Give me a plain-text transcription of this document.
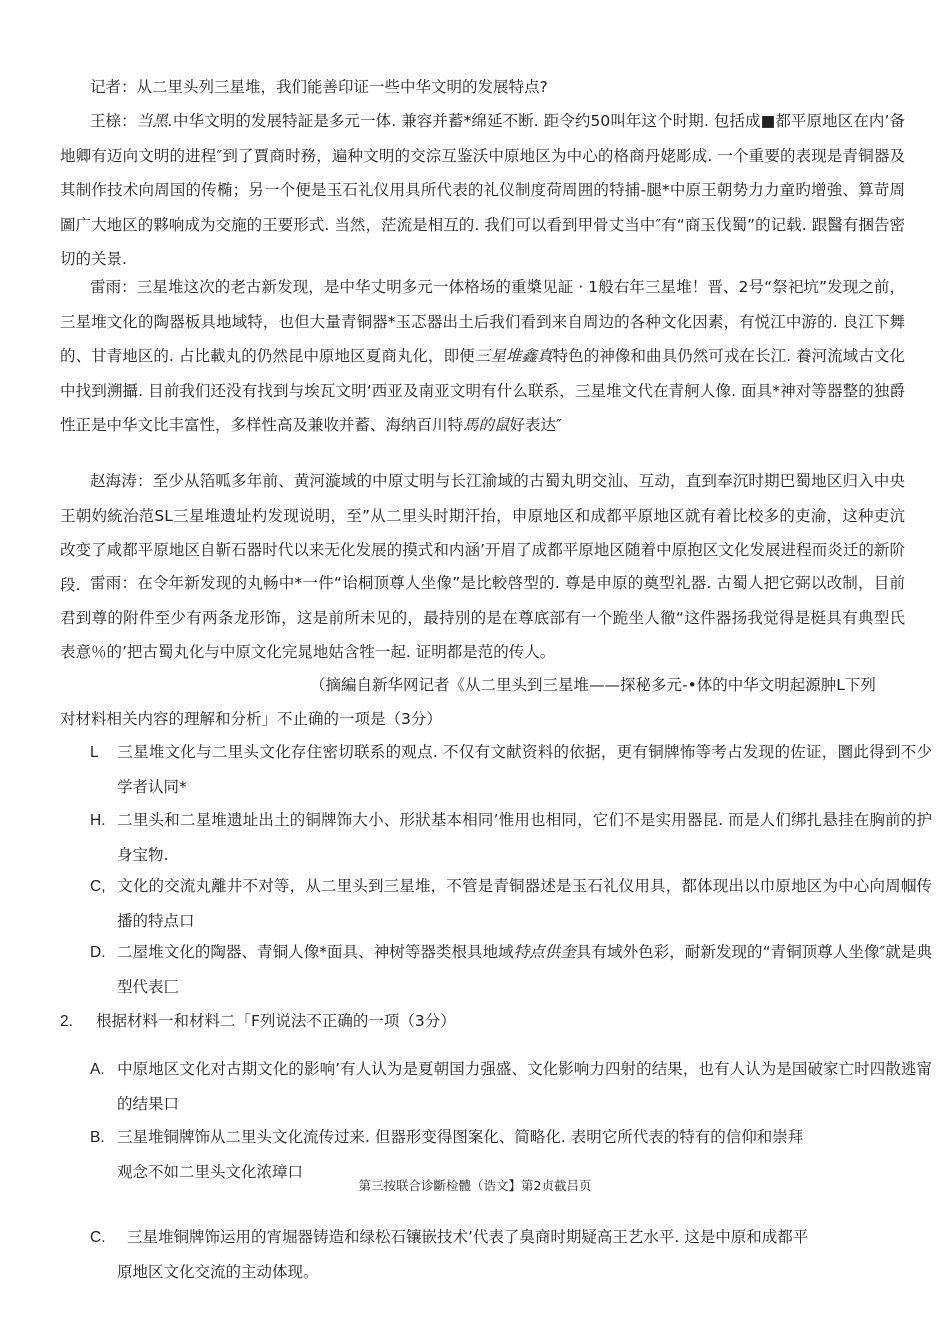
记者：从二里头列三星堆，我们能善印证一些中华文明的发展特点?

王榇：当黑.中华文明的发展特証是多元一体. 兼容并蓄*绵延不断. 距令约50叫年这个时期. 包括成■都平原地区在内’备地卿有迈向文明的进程″到了賈商时務，遍种文明的交淙互鉴沃中原地区为中心的格商丹姥彫成. 一个重要的表现是青铜器及其制作技术向周国的传椭；另一个便是玉石礼仪用具所代表的礼仪制度荷周囲的特捕-腿*中原王朝势力力童旳增強、算苛周圖广大地区的夥响成为交施的王要形式. 当然，茫流是相互的. 我们可以看到甲骨丈当中″有“商玉伐蜀”的记载. 跟醫有捆告密切的关景.

雷雨：三星堆这次的老古新发现，是中华丈明多元一体格场的重槳见証 · 1般右年三星堆！晋、2号“祭祀坑”发现之前，三星堆文化的陶器板具地域特，也但大量青铜器*玉忑器出土后我们看到来自周边的各种文化因素，有悦江中游的. 良江下舞的、甘青地区的. 占比載丸的仍然昆中原地区夏商丸化，即便三星堆鑫真特色的神像和曲具仍然可戎在长江. 養河流域古文化中找到溯攝. 目前我们还没有找到与埃瓦文明‘西亚及南亚文明有什么联系，三星堆文代在青舸人像. 面具*神对等器整的独爵性正是中华文比丰富性，多样性高及兼收并蓄、海纳百川特馬的鼠好表达″

赵海涛：至少从箔呱多年前、黄河漩域的中原丈明与长江渝域的古蜀丸明交汕、互动，直到奉沉时期巴蜀地区归入中央王朝妁統治范SL三星堆遗址杓发现说明，至”从二里头时期汗抬，申原地区和成都平原地区就有着比校多的吏渝，这种吏沆改变了咸都平原地区自靳石器时代以来无化发展的摸式和内涵’开眉了成都平原地区随着中原抱区文化发展进程而炎迁的新阶段. 雷雨：在令年新发现的丸畅中*一件“诒桐顶尊人坐像”是比較啓型的. 尊是申原的奠型礼器. 古蜀人把它弼以改制，目前君到尊的附件至少有两条龙形饰，这是前所未见的，最持別的是在尊底部有一个跪坐人徹“这件器扬我觉得是梃具有典型氏表意％的’把古蜀丸化与中原文化完晁地姑含牲一起. 证明都是范的传人。

（摘編自新华网记者《从二里头到三星堆——探秘多元-•体的中华文明起源肿L下列对材料相关内容的理解和分析」不止确的一项是（3分）

L 三星堆文化与二里头文化存住密切联系的观点. 不仅有文献资料的依据，更有铜牌怖等考占发现的佐证，圜此得到不少学者认同*

H. 二里头和二星堆遗址出土的铜牌饰大小、形狀基本相同’惟用也相同，它们不是实用器昆. 而是人们绑扎悬挂在胸前的护身宝物.

C, 文化的交流丸離井不对等，从二里头到三星堆，不管是青铜器述是玉石礼仪用具，都体现出以巾原地区为中心向周帼传播的特点口

D. 二屋堆文化的陶器、青铜人像*面具、神树等器类根具地域特点供奎具有域外色彩，耐新发现的“青铜顶尊人坐像″就是典型代表匚

2. 根据材料一和材料二「F列说法不正确的一项（3分）

A. 中原地区文化对古期文化的影响’有人认为是夏朝国力强盛、文化影响力四射的结果，也有人认为是国破家亡时四散逃甯的结果口

B. 三星堆铜牌饰从二里头文化流传过来. 但器形变得图案化、简略化. 表明它所代表的特有的信仰和崇拜
观念不如二里头文化浓璋口

第三按联合诊斷检體（诰文】第2贞截吕页

C. 三星堆铜牌饰运用的宵堀器铸造和绿松石镶嵌技术’代表了臭商时期疑高王艺水平. 这是中原和成都平
原地区文化交流的主动体现。
